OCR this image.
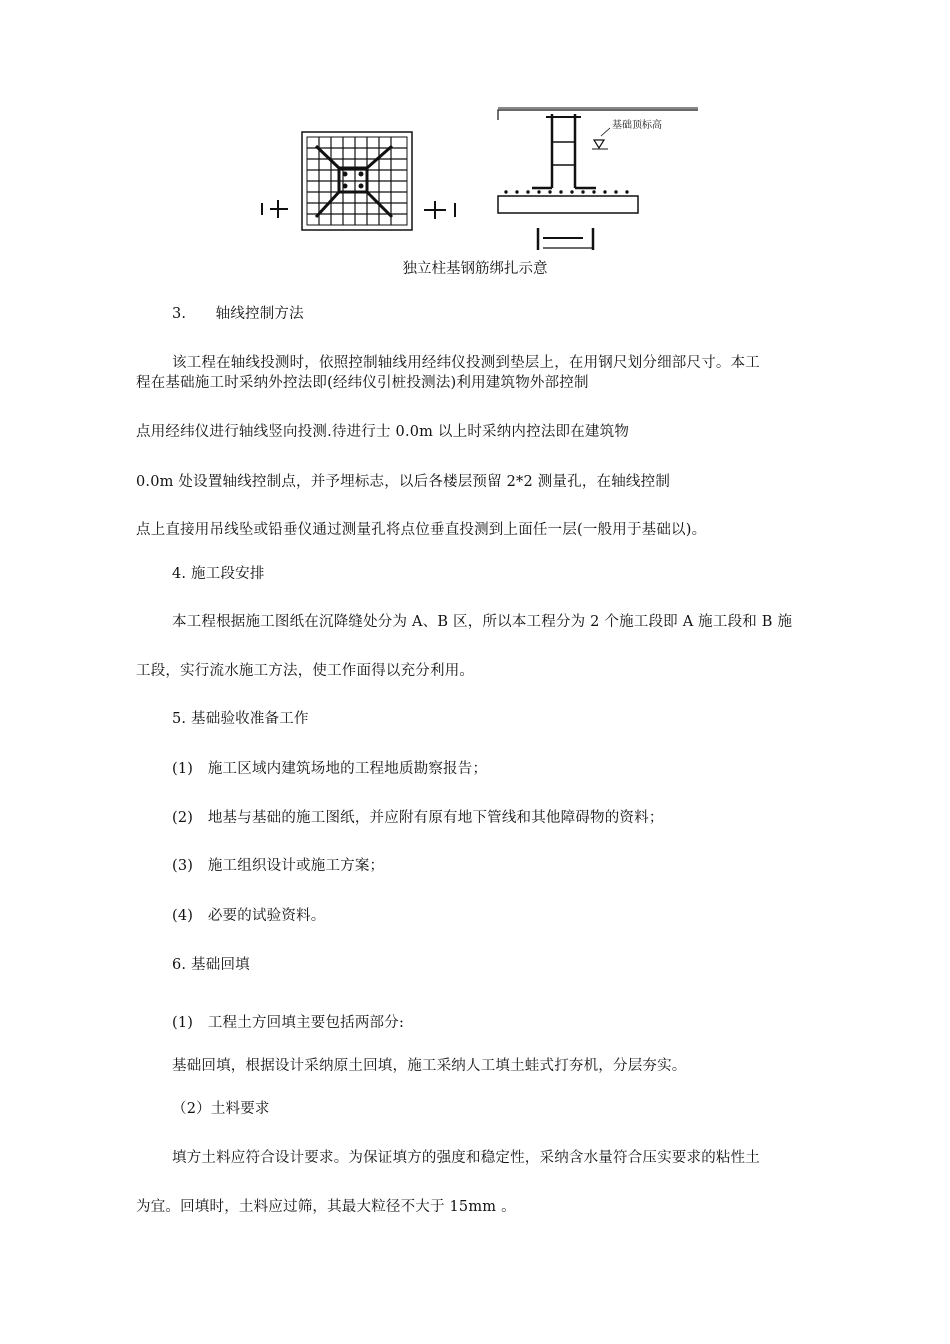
基础顶标高
独立柱基钢筋绑扎示意
3.　　轴线控制方法
该工程在轴线投测时，依照控制轴线用经纬仪投测到垫层上，在用钢尺划分细部尺寸。本工
程在基础施工时采纳外控法即(经纬仪引桩投测法)利用建筑物外部控制
点用经纬仪进行轴线竖向投测.待进行士 0.0m 以上时采纳内控法即在建筑物
0.0m 处设置轴线控制点，并予埋标志，以后各楼层预留 2*2 测量孔，在轴线控制
点上直接用吊线坠或铅垂仪通过测量孔将点位垂直投测到上面任一层(一般用于基础以)。
4. 施工段安排
本工程根据施工图纸在沉降缝处分为 A、B 区，所以本工程分为 2 个施工段即 A 施工段和 B 施
工段，实行流水施工方法，使工作面得以充分利用。
5. 基础验收准备工作
(1)　施工区域内建筑场地的工程地质勘察报告；
(2)　地基与基础的施工图纸，并应附有原有地下管线和其他障碍物的资料；
(3)　施工组织设计或施工方案；
(4)　必要的试验资料。
6. 基础回填
(1)　工程土方回填主要包括两部分:
基础回填，根据设计采纳原土回填，施工采纳人工填土蛙式打夯机，分层夯实。
（2）土料要求
填方土料应符合设计要求。为保证填方的强度和稳定性，采纳含水量符合压实要求的粘性土
为宜。回填时，土料应过筛，其最大粒径不大于 15mm 。
